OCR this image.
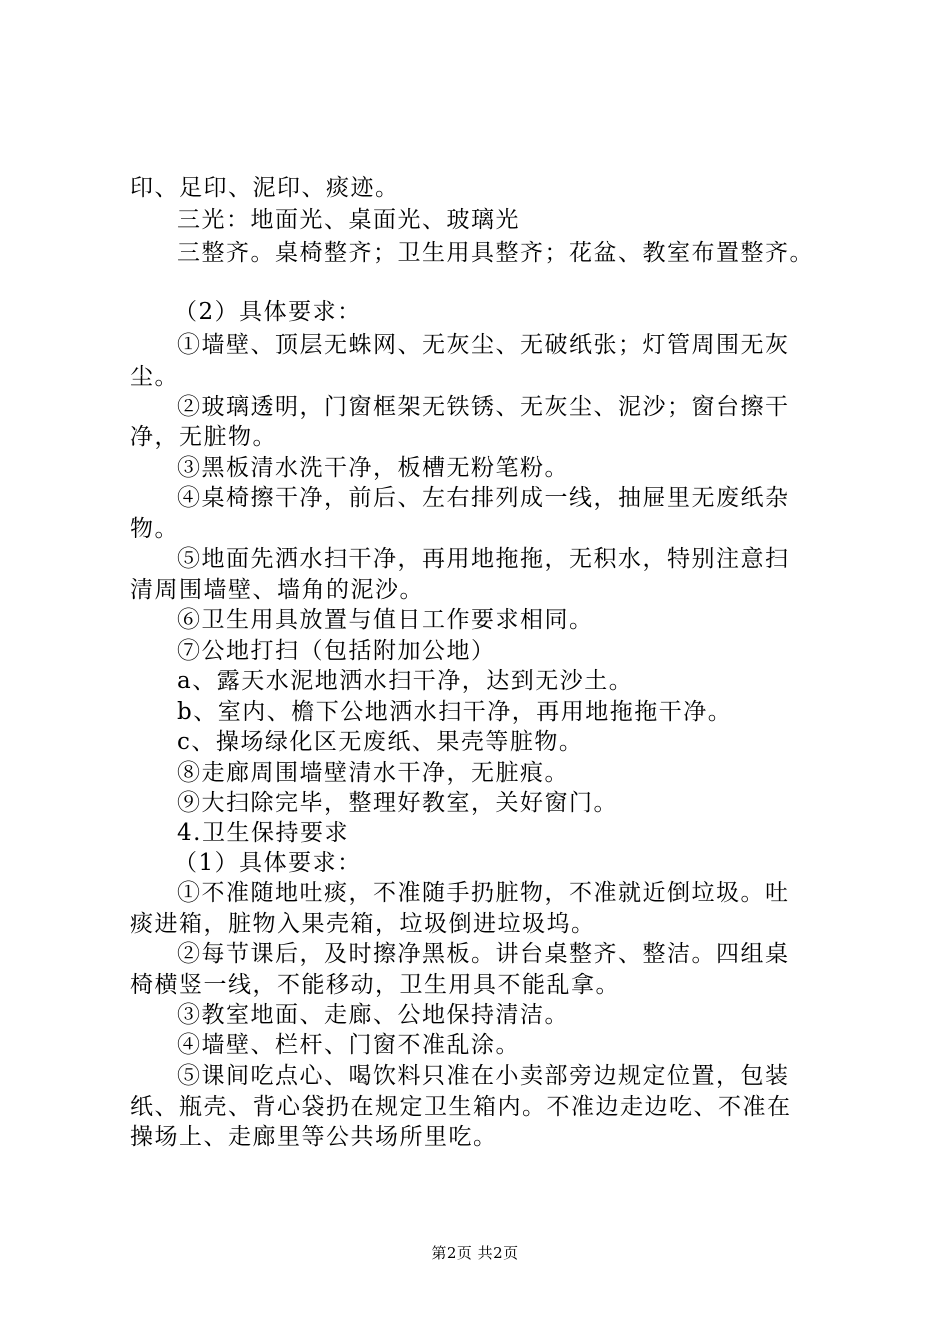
印、足印、泥印、痰迹。
三光：地面光、桌面光、玻璃光
三整齐。桌椅整齐；卫生用具整齐；花盆、教室布置整齐。
（2）具体要求：
①墙壁、顶层无蛛网、无灰尘、无破纸张；灯管周围无灰
尘。
②玻璃透明，门窗框架无铁锈、无灰尘、泥沙；窗台擦干
净，无脏物。
③黑板清水洗干净，板槽无粉笔粉。
④桌椅擦干净，前后、左右排列成一线，抽屉里无废纸杂
物。
⑤地面先洒水扫干净，再用地拖拖，无积水，特别注意扫
清周围墙壁、墙角的泥沙。
⑥卫生用具放置与值日工作要求相同。
⑦公地打扫（包括附加公地）
a、露天水泥地洒水扫干净，达到无沙土。
b、室内、檐下公地洒水扫干净，再用地拖拖干净。
c、操场绿化区无废纸、果壳等脏物。
⑧走廊周围墙壁清水干净，无脏痕。
⑨大扫除完毕，整理好教室，关好窗门。
4.卫生保持要求
（1）具体要求：
①不准随地吐痰，不准随手扔脏物，不准就近倒垃圾。吐
痰进箱，脏物入果壳箱，垃圾倒进垃圾坞。
②每节课后，及时擦净黑板。讲台桌整齐、整洁。四组桌
椅横竖一线，不能移动，卫生用具不能乱拿。
③教室地面、走廊、公地保持清洁。
④墙壁、栏杆、门窗不准乱涂。
⑤课间吃点心、喝饮料只准在小卖部旁边规定位置，包装
纸、瓶壳、背心袋扔在规定卫生箱内。不准边走边吃、不准在
操场上、走廊里等公共场所里吃。
第2页 共2页
